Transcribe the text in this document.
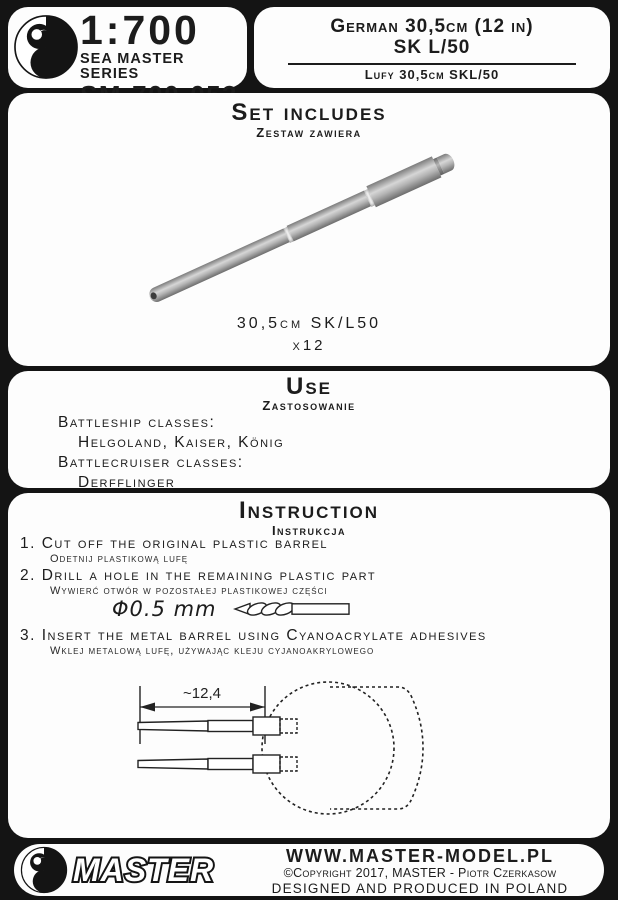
1:700
SEA MASTER SERIES
German 30,5cm (12 in)
SK L/50
Lufy 30,5cm SKL/50
Set includes
Zestaw zawiera
30,5cm SK/L50
x12
Use
Zastosowanie
Battleship classes:
Helgoland, Kaiser, König
Battlecruiser classes:
Derfflinger
Instruction
Instrukcja
1. Cut off the original plastic barrel
Odetnij plastikową lufę
2. Drill a hole in the remaining plastic part
Wywierć otwór w pozostałej plastikowej części
Φ0.5 mm
3. Insert the metal barrel using Cyanoacrylate adhesives
Wklej metalową lufę, używając kleju cyjanoakrylowego
~12,4
MASTER	WWW.MASTER-MODEL.PL
©Copyright 2017, MASTER - Piotr Czerkasow
DESIGNED AND PRODUCED IN POLAND
